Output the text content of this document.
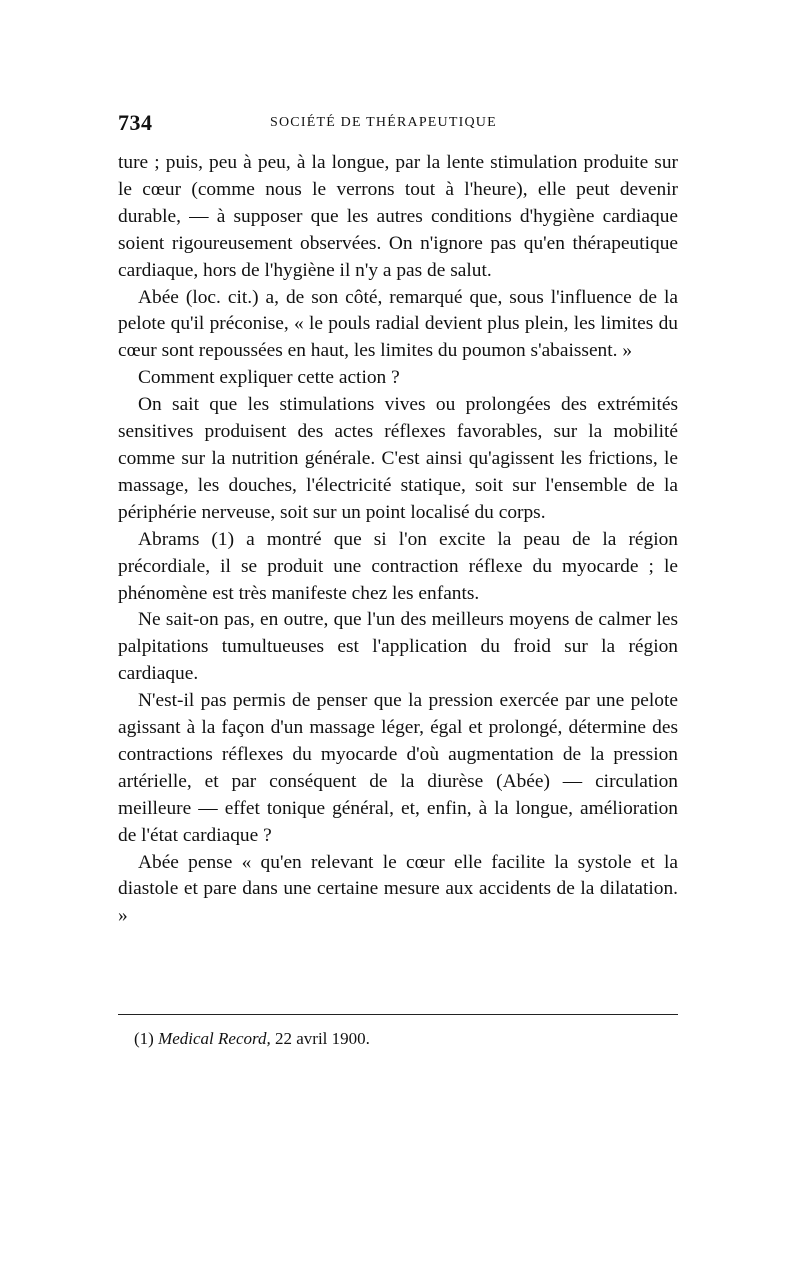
734	SOCIÉTÉ DE THÉRAPEUTIQUE

ture ; puis, peu à peu, à la longue, par la lente stimulation produite sur le cœur (comme nous le verrons tout à l'heure), elle peut devenir durable, — à supposer que les autres conditions d'hygiène cardiaque soient rigoureusement observées. On n'ignore pas qu'en thérapeutique cardiaque, hors de l'hygiène il n'y a pas de salut.

Abée (loc. cit.) a, de son côté, remarqué que, sous l'influence de la pelote qu'il préconise, « le pouls radial devient plus plein, les limites du cœur sont repoussées en haut, les limites du poumon s'abaissent. »

Comment expliquer cette action ?

On sait que les stimulations vives ou prolongées des extrémités sensitives produisent des actes réflexes favorables, sur la mobilité comme sur la nutrition générale. C'est ainsi qu'agissent les frictions, le massage, les douches, l'électricité statique, soit sur l'ensemble de la périphérie nerveuse, soit sur un point localisé du corps.

Abrams (1) a montré que si l'on excite la peau de la région précordiale, il se produit une contraction réflexe du myocarde ; le phénomène est très manifeste chez les enfants.

Ne sait-on pas, en outre, que l'un des meilleurs moyens de calmer les palpitations tumultueuses est l'application du froid sur la région cardiaque.

N'est-il pas permis de penser que la pression exercée par une pelote agissant à la façon d'un massage léger, égal et prolongé, détermine des contractions réflexes du myocarde d'où augmentation de la pression artérielle, et par conséquent de la diurèse (Abée) — circulation meilleure — effet tonique général, et, enfin, à la longue, amélioration de l'état cardiaque ?

Abée pense « qu'en relevant le cœur elle facilite la systole et la diastole et pare dans une certaine mesure aux accidents de la dilatation. »

(1) Medical Record, 22 avril 1900.
